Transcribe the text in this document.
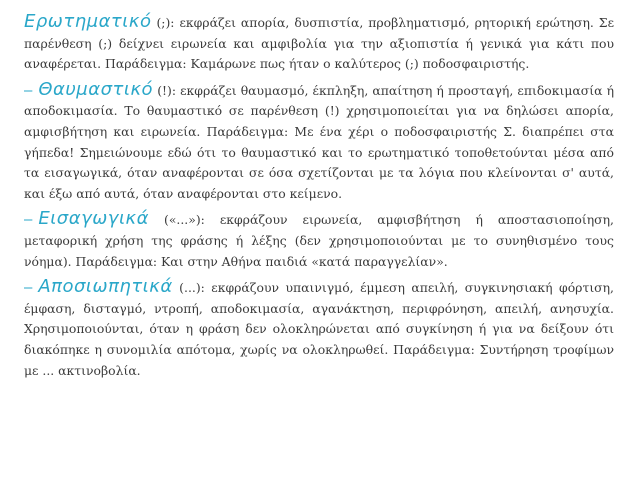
Ερωτηματικό (;): εκφράζει απορία, δυσπιστία, προβληματισμό, ρητορική ερώτηση. Σε παρένθεση (;) δείχνει ειρωνεία και αμφιβολία για την αξιοπιστία ή γενικά για κάτι που αναφέρεται. Παράδειγμα: Καμάρωνε πως ήταν ο καλύτερος (;) ποδοσφαιριστής.

– Θαυμαστικό (!): εκφράζει θαυμασμό, έκπληξη, απαίτηση ή προσταγή, επιδοκιμασία ή αποδοκιμασία. Το θαυμαστικό σε παρένθεση (!) χρησιμοποιείται για να δηλώσει απορία, αμφισβήτηση και ειρωνεία. Παράδειγμα: Με ένα χέρι ο ποδοσφαιριστής Σ. διαπρέπει στα γήπεδα! Σημειώνουμε εδώ ότι το θαυμαστικό και το ερωτηματικό τοποθετούνται μέσα από τα εισαγωγικά, όταν αναφέρονται σε όσα σχετίζονται με τα λόγια που κλείνονται σ' αυτά, και έξω από αυτά, όταν αναφέρονται στο κείμενο.

– Εισαγωγικά («...»): εκφράζουν ειρωνεία, αμφισβήτηση ή αποστασιοποίηση, μεταφορική χρήση της φράσης ή λέξης (δεν χρησιμοποιούνται με το συνηθισμένο τους νόημα). Παράδειγμα: Και στην Αθήνα παιδιά «κατά παραγγελίαν».

– Αποσιωπητικά (...): εκφράζουν υπαινιγμό, έμμεση απειλή, συγκινησιακή φόρτιση, έμφαση, δισταγμό, ντροπή, αποδοκιμασία, αγανάκτηση, περιφρόνηση, απειλή, ανησυχία. Χρησιμοποιούνται, όταν η φράση δεν ολοκληρώνεται από συγκίνηση ή για να δείξουν ότι διακόπηκε η συνομιλία απότομα, χωρίς να ολοκληρωθεί. Παράδειγμα: Συντήρηση τροφίμων με ... ακτινοβολία.
